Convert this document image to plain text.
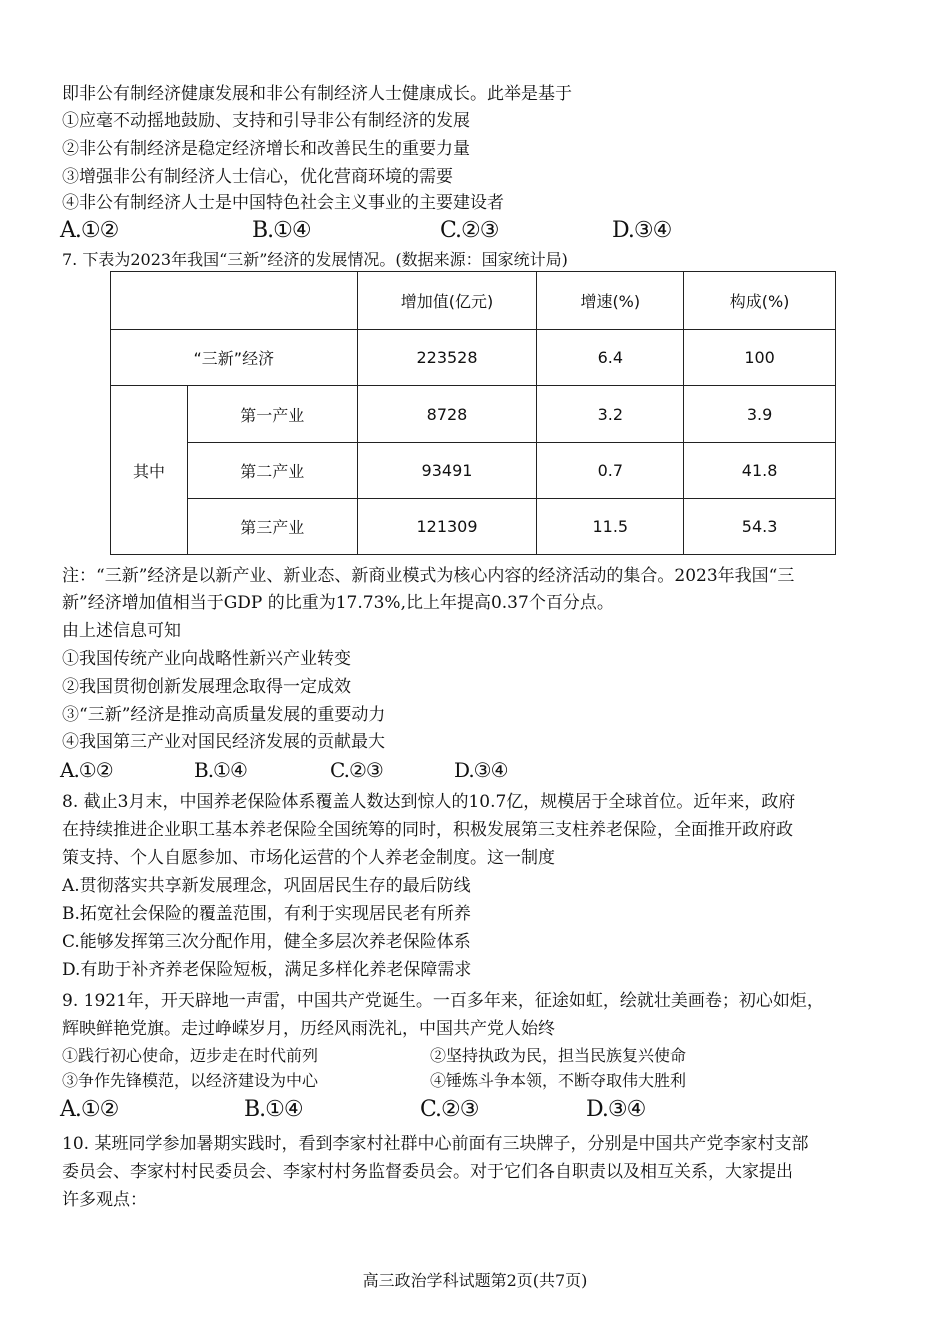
即非公有制经济健康发展和非公有制经济人士健康成长。此举是基于
①应毫不动摇地鼓励、支持和引导非公有制经济的发展
②非公有制经济是稳定经济增长和改善民生的重要力量
③增强非公有制经济人士信心，优化营商环境的需要
④非公有制经济人士是中国特色社会主义事业的主要建设者
A.①②	B.①④	C.②③	D.③④
7. 下表为2023年我国“三新”经济的发展情况。(数据来源：国家统计局)
		增加值(亿元)	增速(%)	构成(%)
“三新”经济		223528	6.4	100
其中	第一产业	8728	3.2	3.9
	第二产业	93491	0.7	41.8
	第三产业	121309	11.5	54.3
注：“三新”经济是以新产业、新业态、新商业模式为核心内容的经济活动的集合。2023年我国“三
新”经济增加值相当于GDP 的比重为17.73%,比上年提高0.37个百分点。
由上述信息可知
①我国传统产业向战略性新兴产业转变
②我国贯彻创新发展理念取得一定成效
③“三新”经济是推动高质量发展的重要动力
④我国第三产业对国民经济发展的贡献最大
A.①②	B.①④	C.②③	D.③④
8. 截止3月末，中国养老保险体系覆盖人数达到惊人的10.7亿，规模居于全球首位。近年来，政府
在持续推进企业职工基本养老保险全国统筹的同时，积极发展第三支柱养老保险，全面推开政府政
策支持、个人自愿参加、市场化运营的个人养老金制度。这一制度
A.贯彻落实共享新发展理念，巩固居民生存的最后防线
B.拓宽社会保险的覆盖范围，有利于实现居民老有所养
C.能够发挥第三次分配作用，健全多层次养老保险体系
D.有助于补齐养老保险短板，满足多样化养老保障需求
9. 1921年，开天辟地一声雷，中国共产党诞生。一百多年来，征途如虹，绘就壮美画卷；初心如炬，
辉映鲜艳党旗。走过峥嵘岁月，历经风雨洗礼，中国共产党人始终
①践行初心使命，迈步走在时代前列	②坚持执政为民，担当民族复兴使命
③争作先锋模范，以经济建设为中心	④锤炼斗争本领，不断夺取伟大胜利
A.①②	B.①④	C.②③	D.③④
10. 某班同学参加暑期实践时，看到李家村社群中心前面有三块牌子，分别是中国共产党李家村支部
委员会、李家村村民委员会、李家村村务监督委员会。对于它们各自职责以及相互关系，大家提出
许多观点：
高三政治学科试题第2页(共7页)
